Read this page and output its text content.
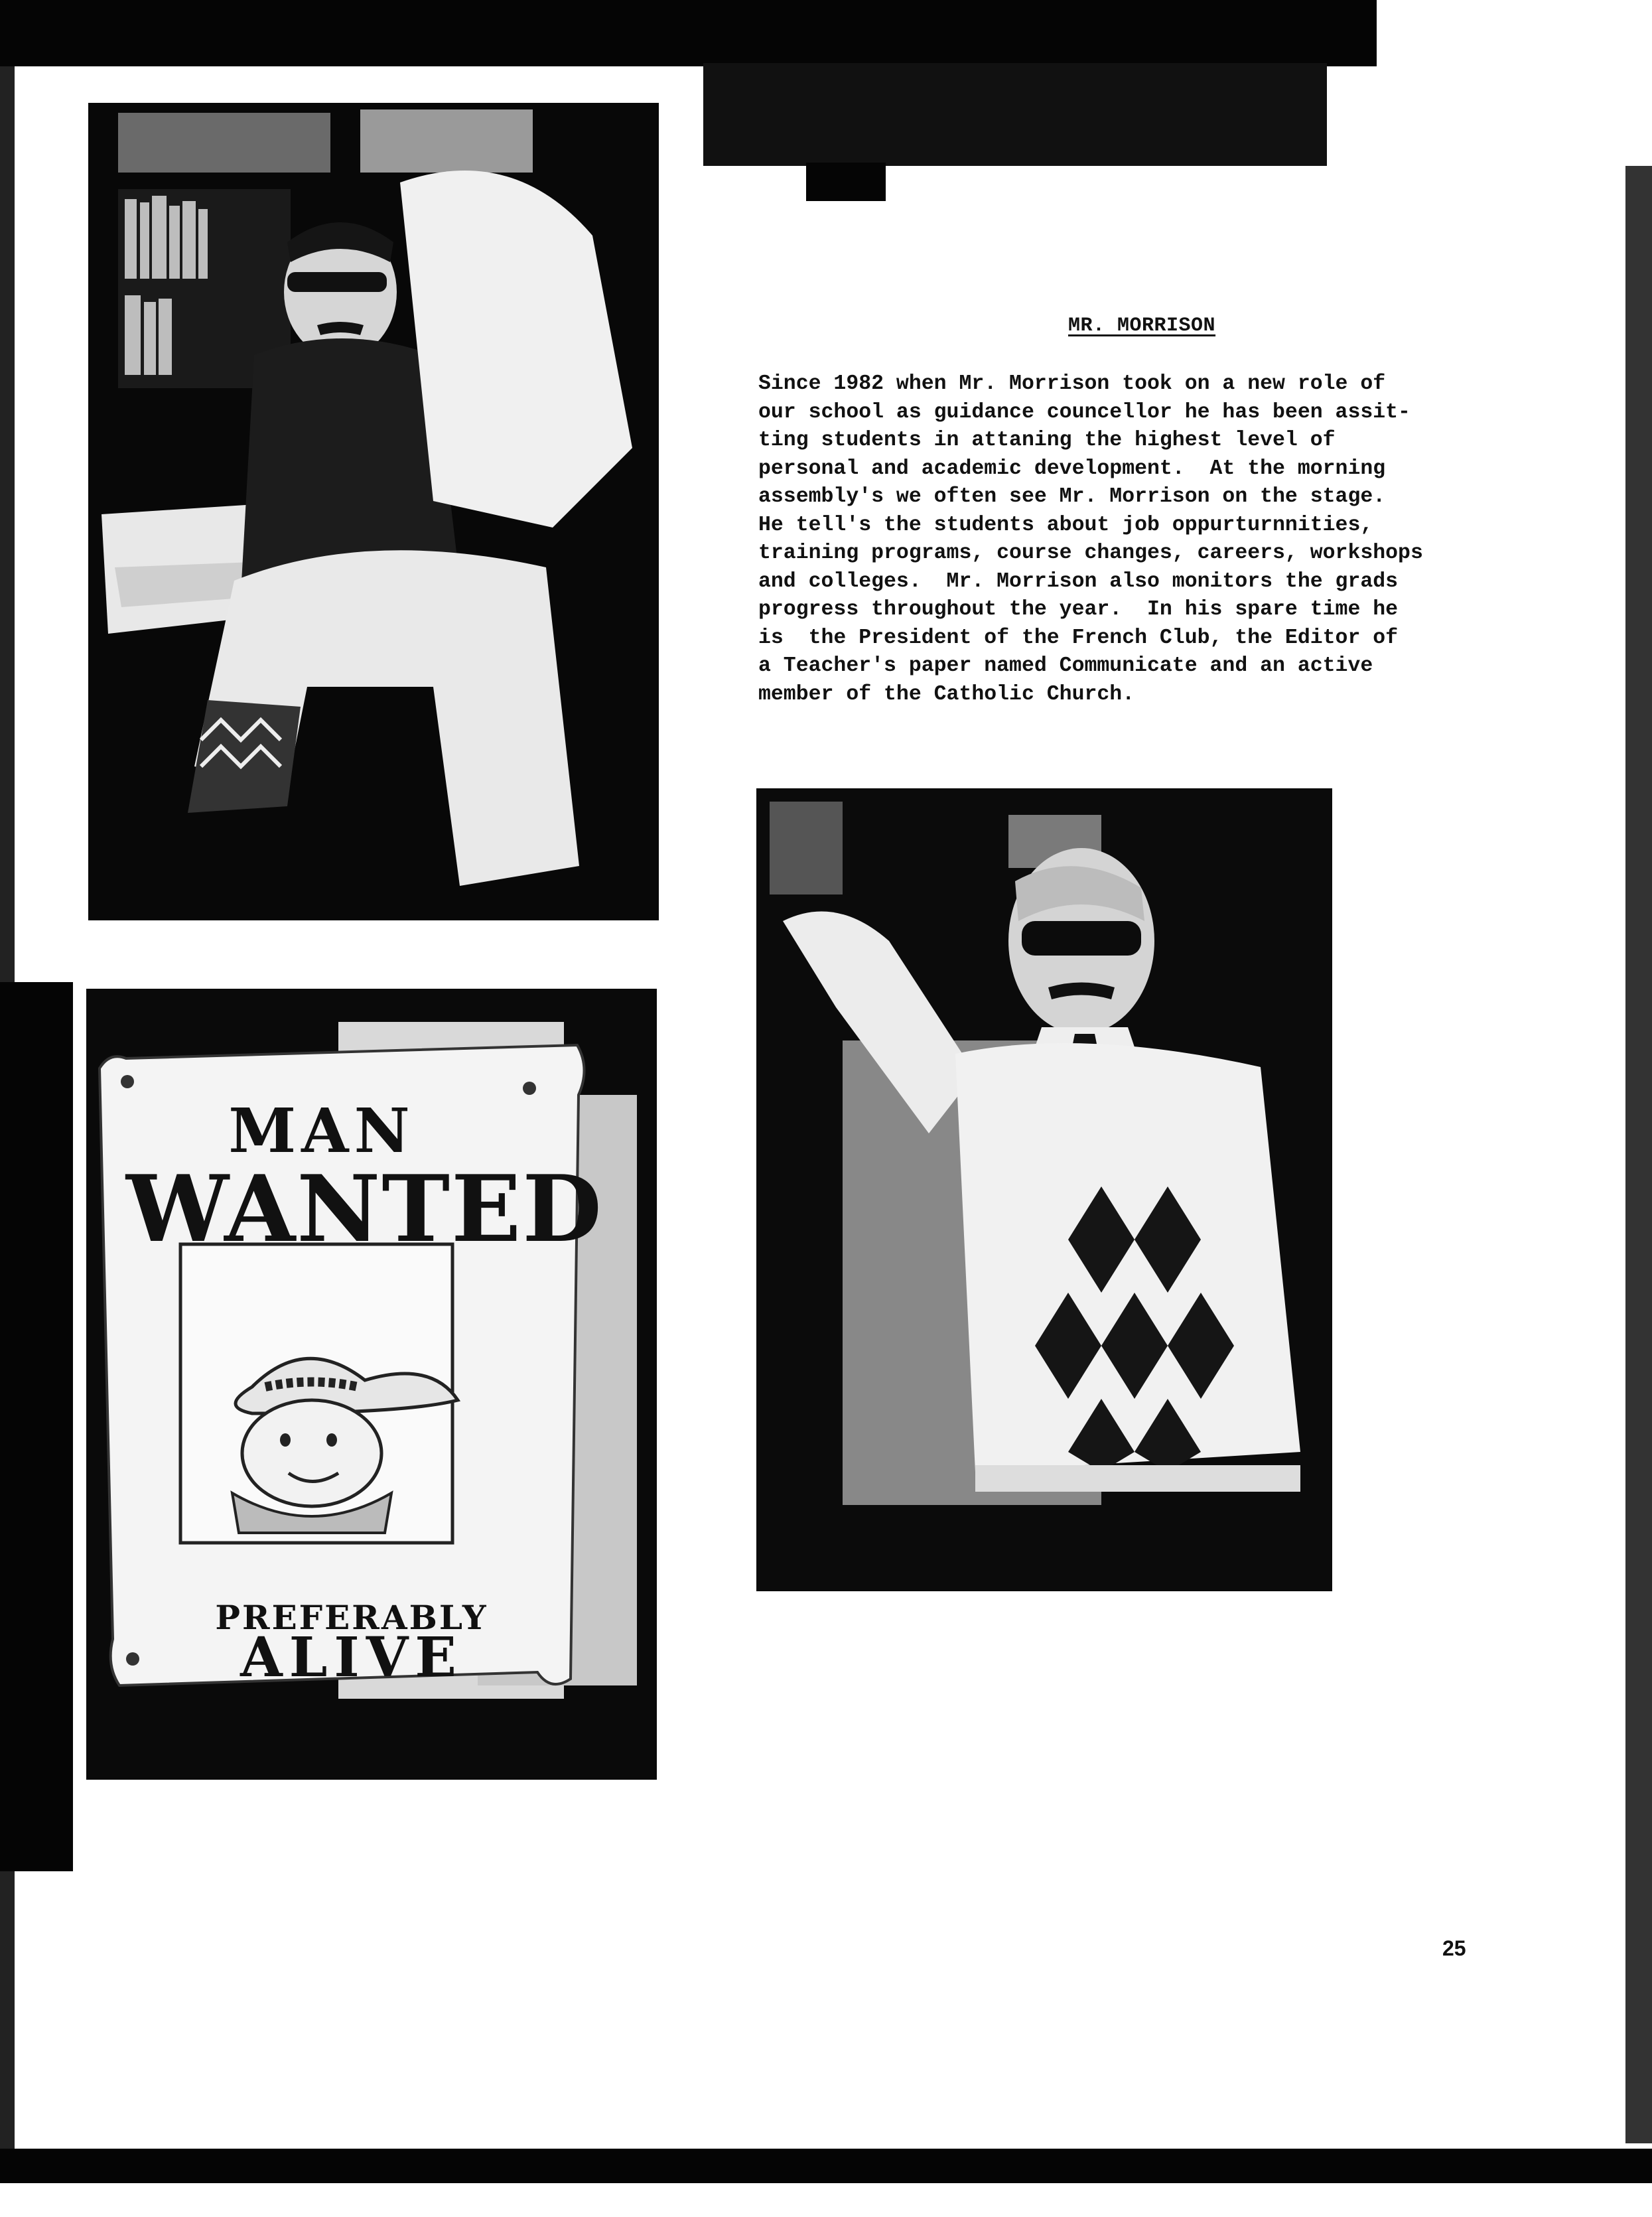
MAN
WANTED
PREFERABLY
ALIVE
MR. MORRISON
Since 1982 when Mr. Morrison took on a new role of
our school as guidance councellor he has been assit-
ting students in attaning the highest level of
personal and academic development.  At the morning
assembly's we often see Mr. Morrison on the stage.
He tell's the students about job oppurturnnities,
training programs, course changes, careers, workshops
and colleges.  Mr. Morrison also monitors the grads
progress throughout the year.  In his spare time he
is  the President of the French Club, the Editor of
a Teacher's paper named Communicate and an active
member of the Catholic Church.
25
